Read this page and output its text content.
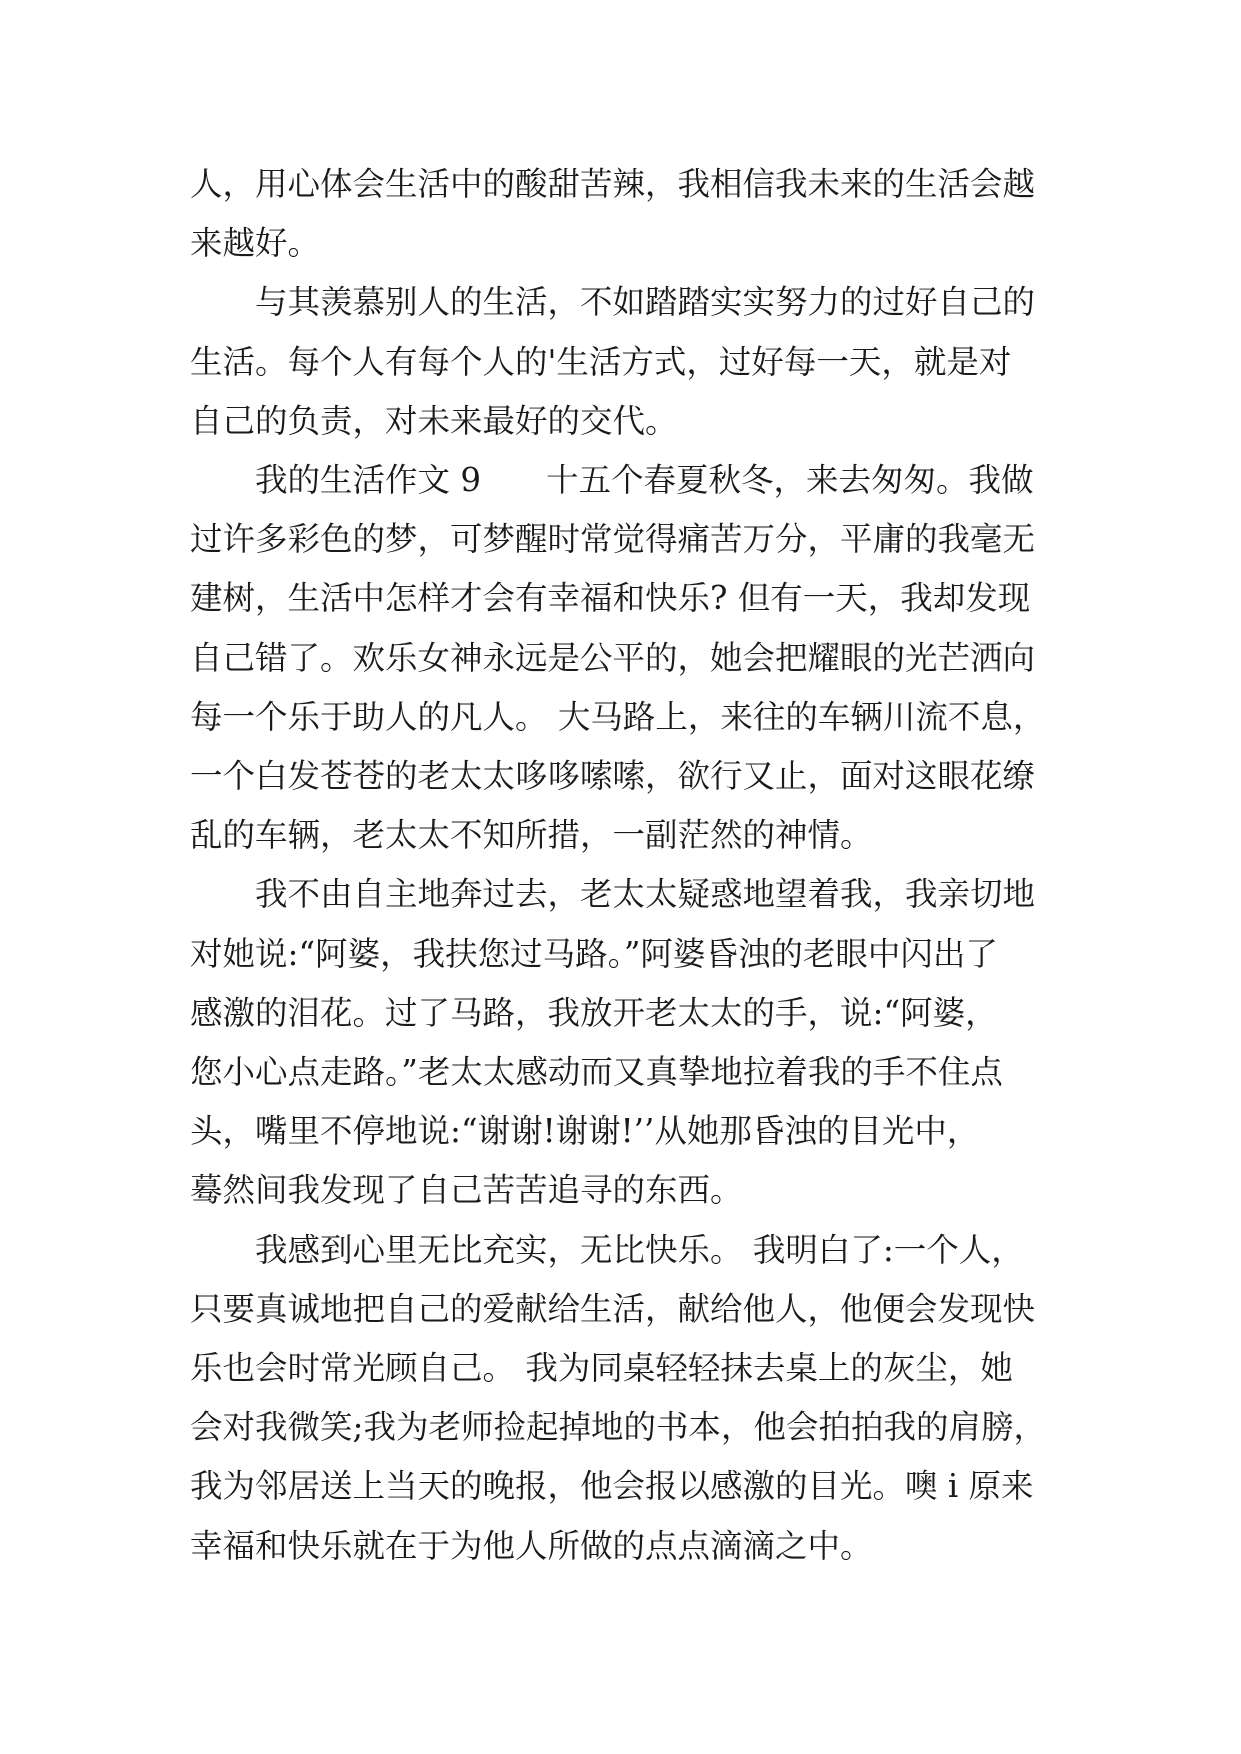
人，用心体会生活中的酸甜苦辣，我相信我未来的生活会越
来越好。

与其羡慕别人的生活，不如踏踏实实努力的过好自己的
生活。每个人有每个人的'生活方式，过好每一天，就是对
自己的负责，对未来最好的交代。

我的生活作文 9　　十五个春夏秋冬，来去匆匆。我做
过许多彩色的梦，可梦醒时常觉得痛苦万分，平庸的我毫无
建树，生活中怎样才会有幸福和快乐? 但有一天，我却发现
自己错了。欢乐女神永远是公平的，她会把耀眼的光芒洒向
每一个乐于助人的凡人。 大马路上，来往的车辆川流不息，
一个白发苍苍的老太太哆哆嗦嗦，欲行又止，面对这眼花缭
乱的车辆，老太太不知所措，一副茫然的神情。

我不由自主地奔过去，老太太疑惑地望着我，我亲切地
对她说:“阿婆，我扶您过马路。”阿婆昏浊的老眼中闪出了
感激的泪花。过了马路，我放开老太太的手，说:“阿婆，
您小心点走路。”老太太感动而又真挚地拉着我的手不住点
头，嘴里不停地说:“谢谢!谢谢!’’从她那昏浊的目光中，
蓦然间我发现了自己苦苦追寻的东西。

我感到心里无比充实，无比快乐。 我明白了:一个人，
只要真诚地把自己的爱献给生活，献给他人，他便会发现快
乐也会时常光顾自己。 我为同桌轻轻抹去桌上的灰尘，她
会对我微笑;我为老师捡起掉地的书本，他会拍拍我的肩膀，
我为邻居送上当天的晚报，他会报以感激的目光。噢 i 原来
幸福和快乐就在于为他人所做的点点滴滴之中。
